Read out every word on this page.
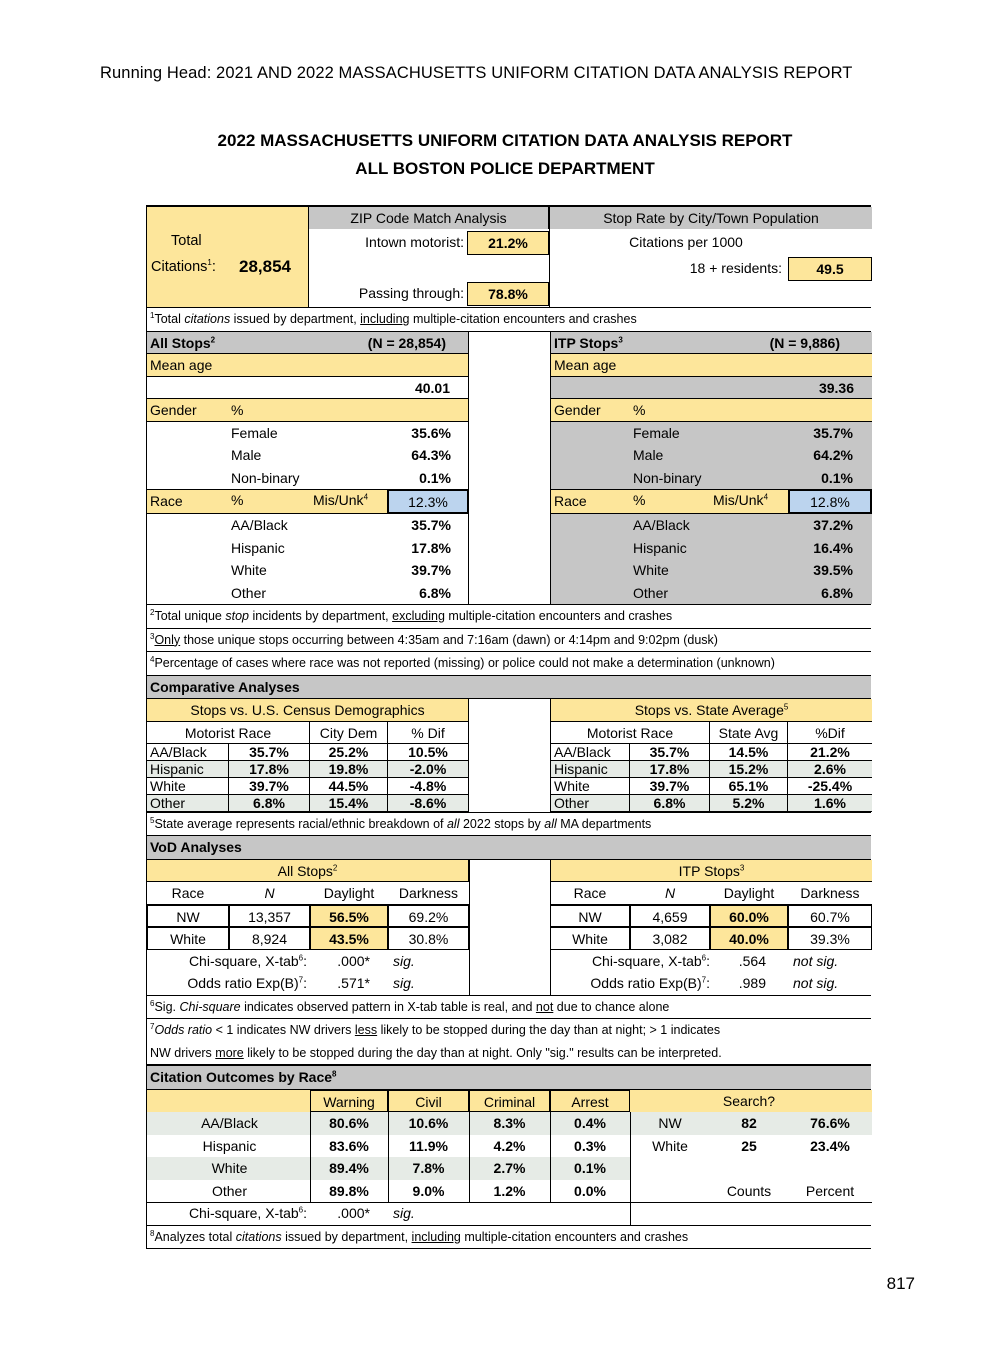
Running Head: 2021 AND 2022 MASSACHUSETTS UNIFORM CITATION DATA ANALYSIS REPORT
2022 MASSACHUSETTS UNIFORM CITATION DATA ANALYSIS REPORT
ALL BOSTON POLICE DEPARTMENT
Total
Citations$^1$: 28,854
ZIP Code Match Analysis
Intown motorist:	21.2%
Passing through:	78.8%
Stop Rate by City/Town Population
Citations per 1000
18 + residents:	49.5
$^1$Total citations issued by department, including multiple-citation encounters and crashes
All Stops$^2$	(N = 28,854)	ITP Stops$^3$	(N = 9,886)
Mean age	Mean age
40.01	39.36
Gender	%	Gender	%
Female	35.6%
Male	64.3%
Non-binary	0.1%
Female	35.7%
Male	64.2%
Non-binary	0.1%
Race	%	Mis/Unk$^4$	12.3%	Race	%	Mis/Unk$^4$	12.8%
AA/Black	35.7%
Hispanic	17.8%
White	39.7%
Other	6.8%
AA/Black	37.2%
Hispanic	16.4%
White	39.5%
Other	6.8%
$^2$Total unique stop incidents by department, excluding multiple-citation encounters and crashes
$^3$Only those unique stops occurring between 4:35am and 7:16am (dawn) or 4:14pm and 9:02pm (dusk)
$^4$Percentage of cases where race was not reported (missing) or police could not make a determination (unknown)
Comparative Analyses
Stops vs. U.S. Census Demographics
Motorist Race	City Dem	% Dif
Stops vs. State Average$^5$
Motorist Race	State Avg	%Dif
AA/Black	35.7%	25.2%	10.5%
Hispanic	17.8%	19.8%	-2.0%
White	39.7%	44.5%	-4.8%
Other	6.8%	15.4%	-8.6%
AA/Black	35.7%	14.5%	21.2%
Hispanic	17.8%	15.2%	2.6%
White	39.7%	65.1%	-25.4%
Other	6.8%	5.2%	1.6%
$^5$State average represents racial/ethnic breakdown of all 2022 stops by all MA departments
VoD Analyses
All Stops$^2$	ITP Stops$^3$
Chi-square, X-tab$^6$:	.000* sig.
Odds ratio $Exp(B)^7$:	.571* sig.
Chi-square, X-tab$^6$:	.564 not sig.
Odds ratio $Exp(B)^7$:	.989 not sig.
Race	N	Daylight	Darkness
NW	13,357	56.5%	69.2%
White	8,924	43.5%	30.8%
Race	N	Daylight	Darkness
NW	4,659	60.0%	60.7%
White	3,082	40.0%	39.3%
$^6$Sig. Chi-square indicates observed pattern in X-tab table is real, and not due to chance alone
$^7$Odds ratio < 1 indicates NW drivers less likely to be stopped during the day than at night; > 1 indicates
NW drivers more likely to be stopped during the day than at night. Only "sig." results can be interpreted.
Citation Outcomes by Race$^8$
Search?
Counts	Percent
Chi-square, X-tab$^6$:	.000* sig.
Warning	Civil	Criminal	Arrest
AA/Black	80.6%	10.6%	8.3%	0.4%
Hispanic	83.6%	11.9%	4.2%	0.3%
White	89.4%	7.8%	2.7%	0.1%
Other	89.8%	9.0%	1.2%	0.0%
NW	82	76.6%
White	25	23.4%
$^8$Analyzes total citations issued by department, including multiple-citation encounters and crashes
817
